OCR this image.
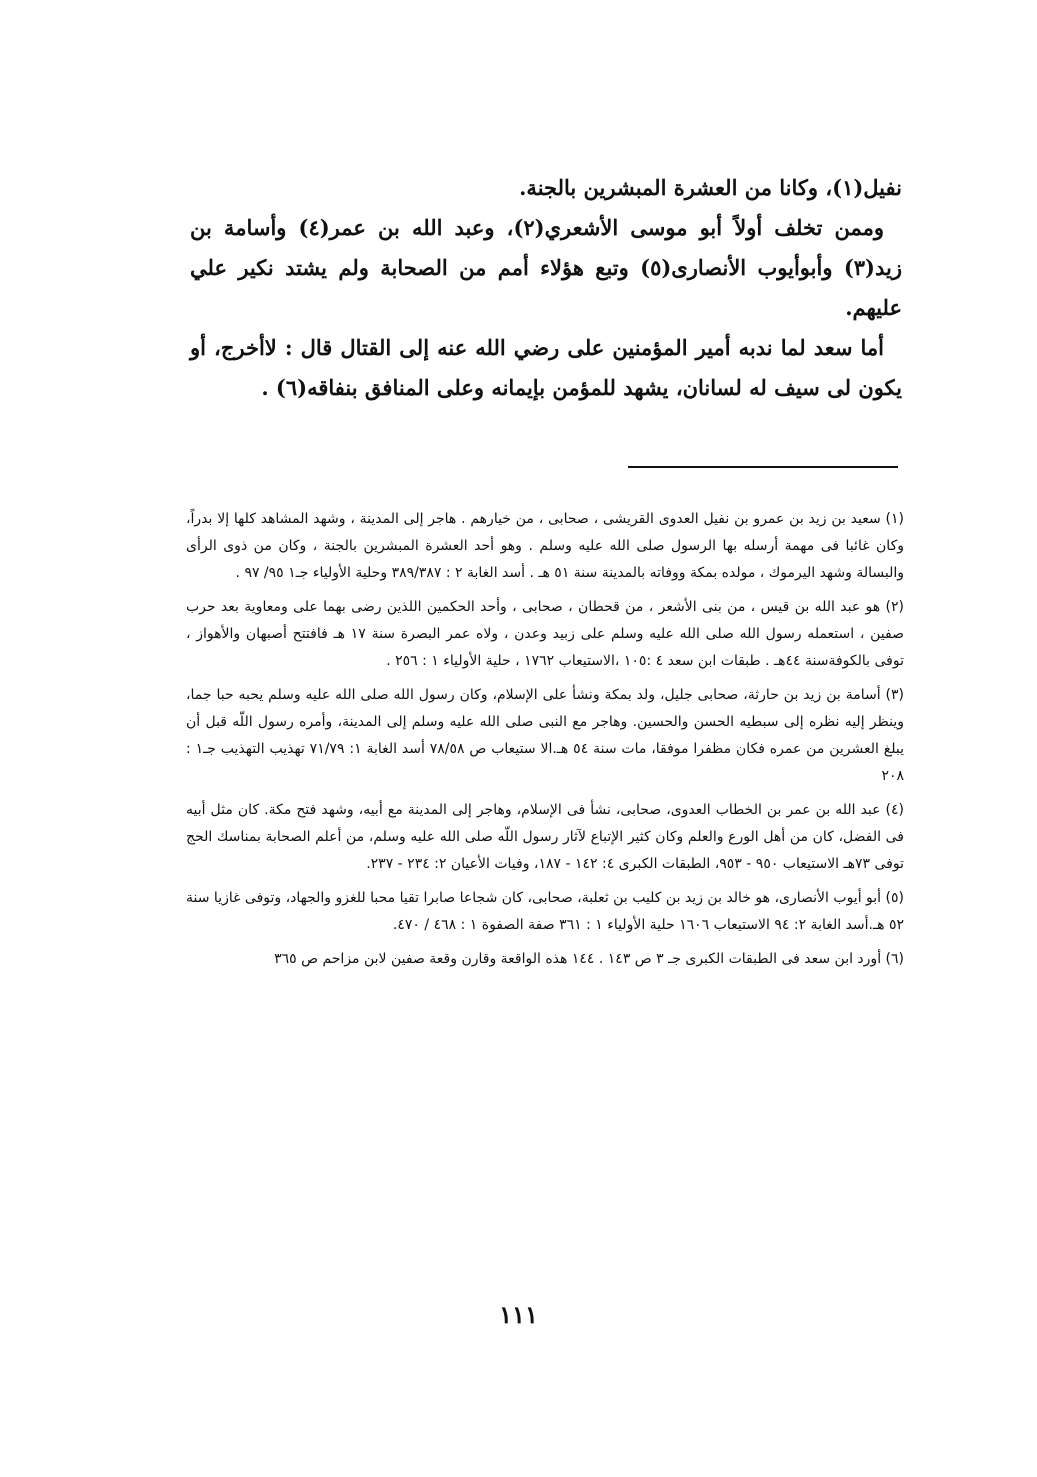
نفيل(١)، وكانا من العشرة المبشرين بالجنة.

وممن تخلف أولاً أبو موسى الأشعري(٢)، وعبد الله بن عمر(٤) وأسامة بن زيد(٣) وأبوأيوب الأنصارى(٥) وتبع هؤلاء أمم من الصحابة ولم يشتد نكير علي عليهم.

أما سعد لما ندبه أمير المؤمنين على رضي الله عنه إلى القتال قال : لاأخرج، أو يكون لى سيف له لسانان، يشهد للمؤمن بإيمانه وعلى المنافق بنفاقه(٦) .

(١) سعيد بن زيد بن عمرو بن نفيل العدوى القريشى ، صحابى ، من خيارهم . هاجر إلى المدينة ، وشهد المشاهد كلها إلا بدراً، وكان غائبا فى مهمة أرسله بها الرسول صلى الله عليه وسلم . وهو أحد العشرة المبشرين بالجنة ، وكان من ذوى الرأى والبسالة وشهد اليرموك ، مولده بمكة ووفاته بالمدينة سنة ٥١ هـ . أسد الغابة ٢ : ٣٨٩/٣٨٧ وحلية الأولياء جـ١ ٩٥/ ٩٧ .

(٢) هو عبد الله بن قيس ، من بنى الأشعر ، من قحطان ، صحابى ، وأحد الحكمين اللذين رضى بهما على ومعاوية بعد حرب صفين ، استعمله رسول الله صلى الله عليه وسلم على زبيد وعدن ، ولاه عمر البصرة سنة ١٧ هـ فافتتح أصبهان والأهواز ، توفى بالكوفةسنة ٤٤هـ . طبقات ابن سعد ٤ :١٠٥ ،الاستيعاب ١٧٦٢ ، حلية الأولياء ١ : ٢٥٦ .

(٣) أسامة بن زيد بن حارثة، صحابى جليل، ولد بمكة ونشأ على الإسلام، وكان رسول الله صلى الله عليه وسلم يحبه حبا جما، وينظر إليه نظره إلى سبطيه الحسن والحسين. وهاجر مع النبى صلى الله عليه وسلم إلى المدينة، وأمره رسول اللّه قبل أن يبلغ العشرين من عمره فكان مظفرا موفقا، مات سنة ٥٤ هـ.الا ستيعاب ص ٧٨/٥٨ أسد الغابة ١: ٧١/٧٩ تهذيب التهذيب جـ١ : ٢٠٨

(٤) عبد الله بن عمر بن الخطاب العدوى، صحابى، نشأ فى الإسلام، وهاجر إلى المدينة مع أبيه، وشهد فتح مكة. كان مثل أبيه فى الفضل، كان من أهل الورع والعلم وكان كثير الإتباع لآثار رسول اللّه صلى الله عليه وسلم، من أعلم الصحابة بمناسك الحج توفى ٧٣هـ الاستيعاب ٩٥٠ - ٩٥٣، الطبقات الكبرى ٤: ١٤٢ - ١٨٧، وفيات الأعيان ٢: ٢٣٤ - ٢٣٧.

(٥) أبو أيوب الأنصارى، هو خالد بن زيد بن كليب بن ثعلبة، صحابى، كان شجاعا صابرا تقيا محبا للغزو والجهاد، وتوفى غازيا سنة ٥٢ هـ.أسد الغابة ٢: ٩٤ الاستيعاب ١٦٠٦ حلية الأولياء ١ : ٣٦١ صفة الصفوة ١ : ٤٦٨ / ٤٧٠.

(٦) أورد ابن سعد فى الطبقات الكبرى جـ ٣ ص ١٤٣ . ١٤٤ هذه الواقعة وقارن وقعة صفين لابن مزاحم ص ٣٦٥

١١١
